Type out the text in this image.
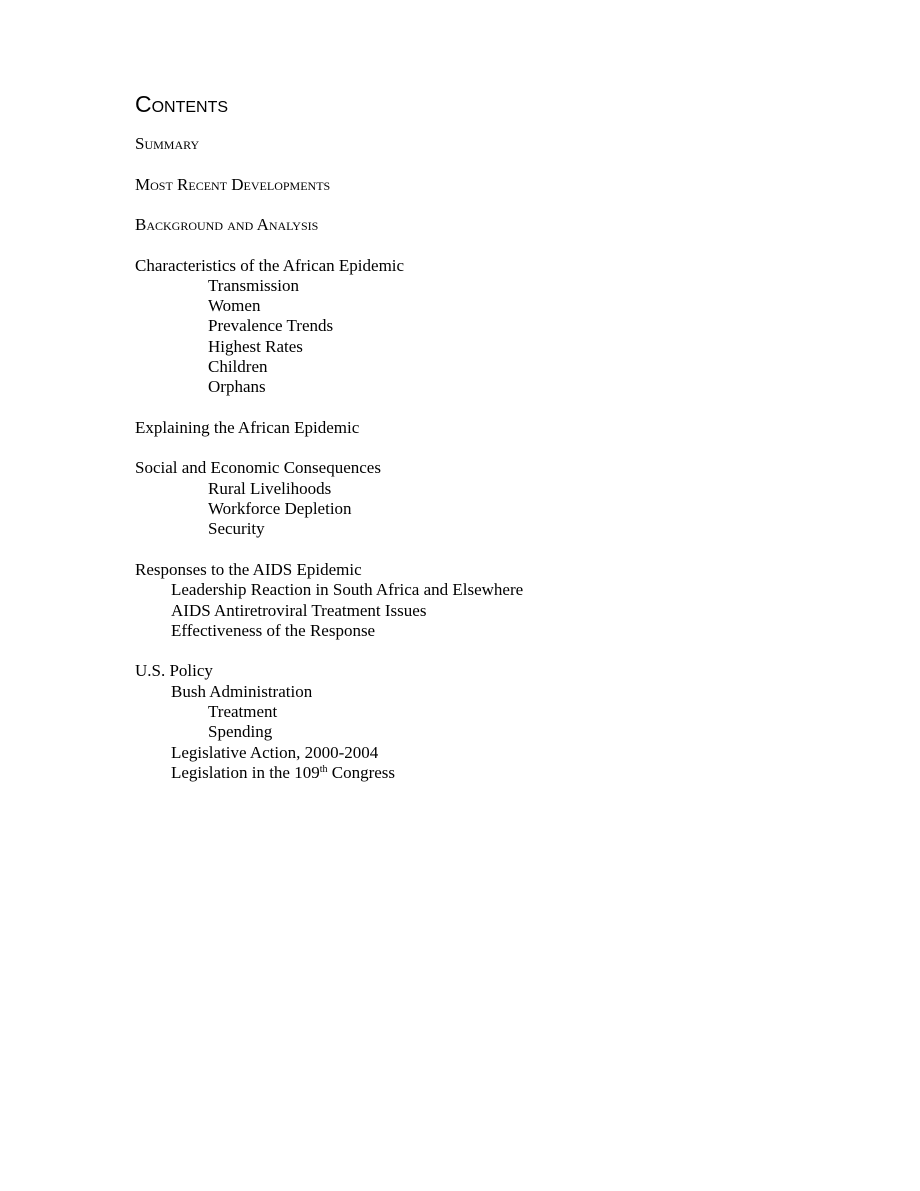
Contents
Summary
Most Recent Developments
Background and Analysis
Characteristics of the African Epidemic
Transmission
Women
Prevalence Trends
Highest Rates
Children
Orphans
Explaining the African Epidemic
Social and Economic Consequences
Rural Livelihoods
Workforce Depletion
Security
Responses to the AIDS Epidemic
Leadership Reaction in South Africa and Elsewhere
AIDS Antiretroviral Treatment Issues
Effectiveness of the Response
U.S. Policy
Bush Administration
Treatment
Spending
Legislative Action, 2000-2004
Legislation in the 109th Congress
